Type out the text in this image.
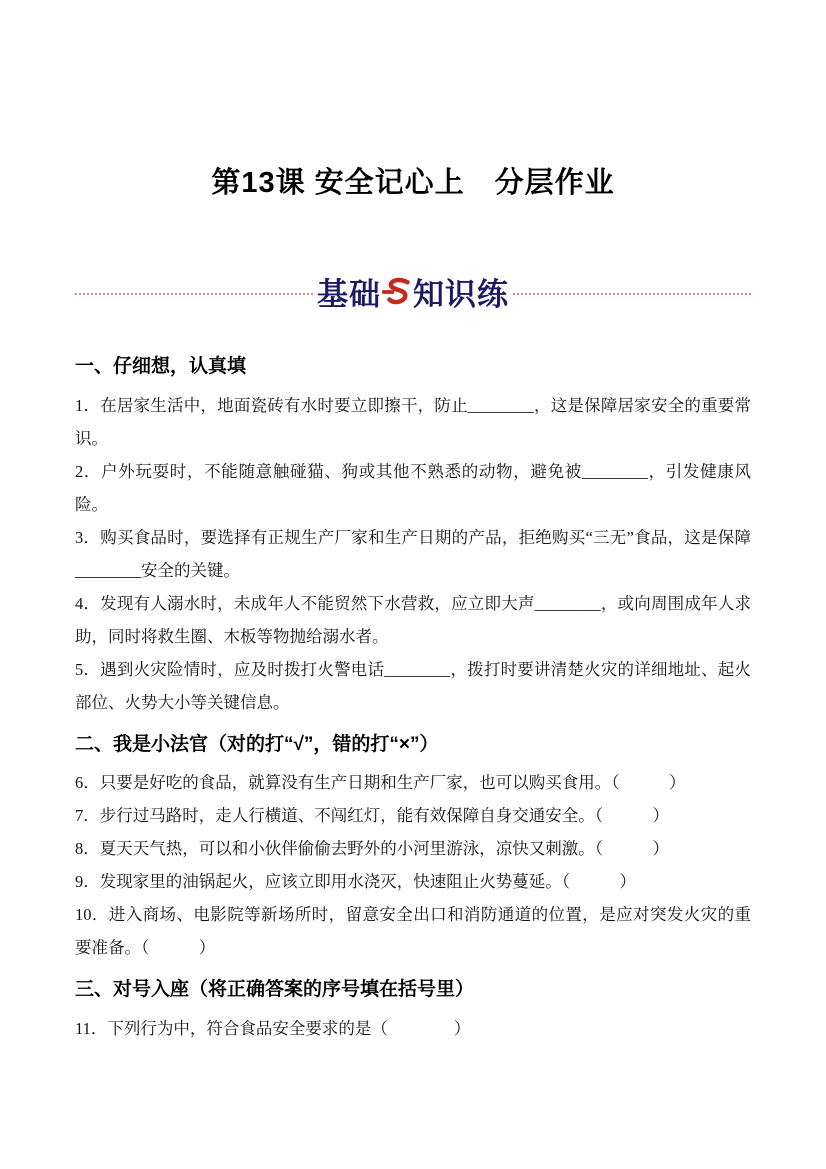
第13课 安全记心上　分层作业
基础 知识练
一、仔细想，认真填

1．在居家生活中，地面瓷砖有水时要立即擦干，防止________，这是保障居家安全的重要常识。

2．户外玩耍时，不能随意触碰猫、狗或其他不熟悉的动物，避免被________，引发健康风险。

3．购买食品时，要选择有正规生产厂家和生产日期的产品，拒绝购买“三无”食品，这是保障________安全的关键。

4．发现有人溺水时，未成年人不能贸然下水营救，应立即大声________，或向周围成年人求助，同时将救生圈、木板等物抛给溺水者。

5．遇到火灾险情时，应及时拨打火警电话________，拨打时要讲清楚火灾的详细地址、起火部位、火势大小等关键信息。

二、我是小法官（对的打“√”，错的打“×”）

6．只要是好吃的食品，就算没有生产日期和生产厂家，也可以购买食用。（　　　）

7．步行过马路时，走人行横道、不闯红灯，能有效保障自身交通安全。（　　　）

8．夏天天气热，可以和小伙伴偷偷去野外的小河里游泳，凉快又刺激。（　　　）

9．发现家里的油锅起火，应该立即用水浇灭，快速阻止火势蔓延。（　　　）

10．进入商场、电影院等新场所时，留意安全出口和消防通道的位置，是应对突发火灾的重要准备。（　　　）

三、对号入座（将正确答案的序号填在括号里）

11．下列行为中，符合食品安全要求的是（　　　　）
